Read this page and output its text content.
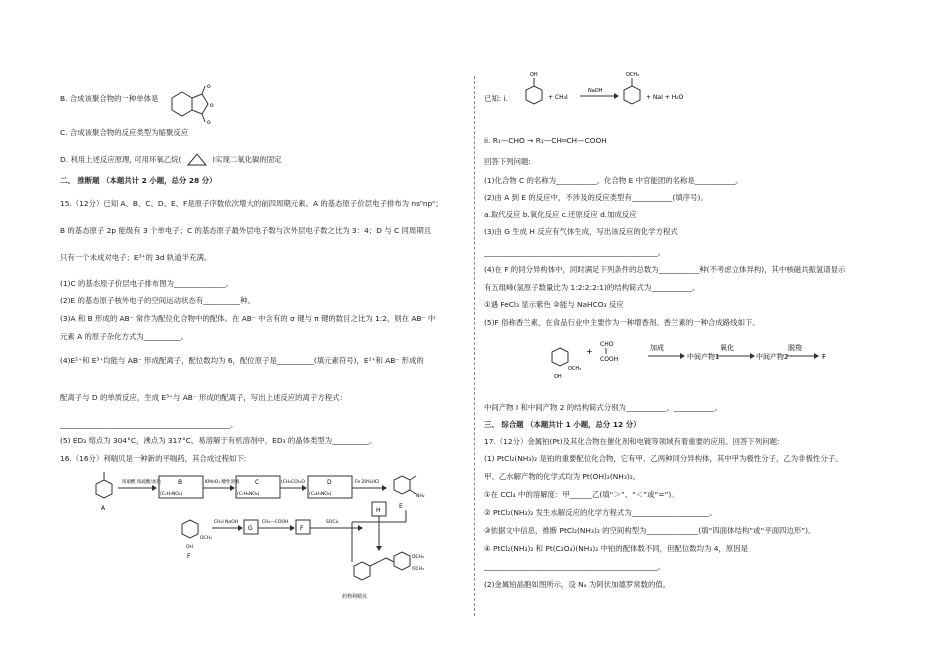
o
o
o
B. 合成该聚合物的一种单体是
C. 合成该聚合物的反应类型为缩聚反应
D. 利用上述反应原理, 可用环氧乙烷(	)实现二氧化碳的固定
二、 推断题 （本题共计 2 小题，总分 28 分）
15.（12分）已知 A、B、C、D、E、F是原子序数依次增大的前四周期元素。A 的基态原子价层电子排布为 nsⁿnpⁿ；
B 的基态原子 2p 能级有 3 个单电子；C 的基态原子最外层电子数与次外层电子数之比为 3：4；D 与 C 同周期且
只有一个未成对电子；E³⁺的 3d 轨道半充满。
(1)C 的基态原子价层电子排布图为______________。
(2)E 的基态原子核外电子的空间运动状态有__________种。
(3)A 和 B 形成的 AB⁻ 常作为配位化合物中的配体。在 AB⁻ 中含有的 σ 键与 π 键的数目之比为 1:2，则在 AB⁻ 中
元素 A 的原子杂化方式为__________。
(4)E²⁺和 E³⁺均能与 AB⁻ 形成配离子，配位数均为 6，配位原子是__________(填元素符号)，E²⁺和 AB⁻ 形成的
配离子与 D 的单质反应，生成 E³⁺与 AB⁻ 形成的配离子，写出上述反应的离子方程式：
______________________________________________。
(5) ED₃ 熔点为 304°C，沸点为 317°C，易溶解于有机溶剂中，ED₃ 的晶体类型为__________。
16.（16分）利喘贝是一种新的平喘药，其合成过程如下:
A
浓硝酸 浓硫酸/加热	B
(C₇H₇NO₂)
KMnO₄ 酸性溶液	C
(C₇H₅NO₄)
(CH₃CO)₂O	D
(C₉H₇NO₅)
Fe 20%HCl
NH₂
E
OCH₃
OH
F
CH₃I NaOH
G
CH₂—COOH
F
SOCl₂
H
OCH₃
OCH₃
药物利喘贝
已知: i.
OH
+ CH₃I
NaOH
OCH₃
+ NaI + H₂O
ii. R₁—CHO → R₁—CH═CH—COOH
回答下列问题:
(1)化合物 C 的名称为___________。化合物 E 中官能团的名称是___________。
(2)由 A 到 E 的反应中，不涉及的反应类型有___________(填序号)。
a.取代反应 b.氧化反应 c.还原反应 d.加成反应
(3)由 G 生成 H 反应有气体生成，写出该反应的化学方程式
_______________________________________________。
(4)在 F 的同分异构体中，同时满足下列条件的总数为___________种(不考虑立体异构)，其中核磁共振氢谱显示
有五组峰(氢原子数量比为 1:2:2:2:1)的结构简式为___________。
①遇 FeCl₃ 显示紫色 ②能与 NaHCO₃ 反应
(5)F 俗称香兰素，在食品行业中主要作为一种增香剂。香兰素的一种合成路线如下。
OCH₃
OH
+
CHO
COOH
加成
中间产物1
氧化
中间产物2
脱羧
F
中间产物 I 和中间产物 2 的结构简式分别为___________、___________。
三、 综合题 （本题共计 1 小题，总分 12 分）
17.（12分）金属铂(Pt)及其化合物在催化剂和电镀等领域有着重要的应用。回答下列问题:
(1) PtCl₂(NH₃)₂ 是铂的重要配位化合物，它有甲、乙两种同分异构体，其中甲为极性分子，乙为非极性分子。
甲、乙水解产物的化学式均为 Pt(OH)₂(NH₃)₂。
①在 CCl₄ 中的溶解度：甲______乙(填“＞”、“＜”或“=”)。
② PtCl₂(NH₃)₂ 发生水解反应的化学方程式为_____________________。
③依据文中信息，推断 PtCl₂(NH₃)₂ 的空间构型为______________(填“四面体结构”或“平面四边形”)。
④ PtCl₂(NH₃)₂ 和 Pt(C₂O₄)(NH₃)₂ 中铂的配体数不同，但配位数均为 4，原因是
_______________________________________________。
(2)金属铂晶胞如图所示，设 Nₐ 为阿伏加德罗常数的值。
